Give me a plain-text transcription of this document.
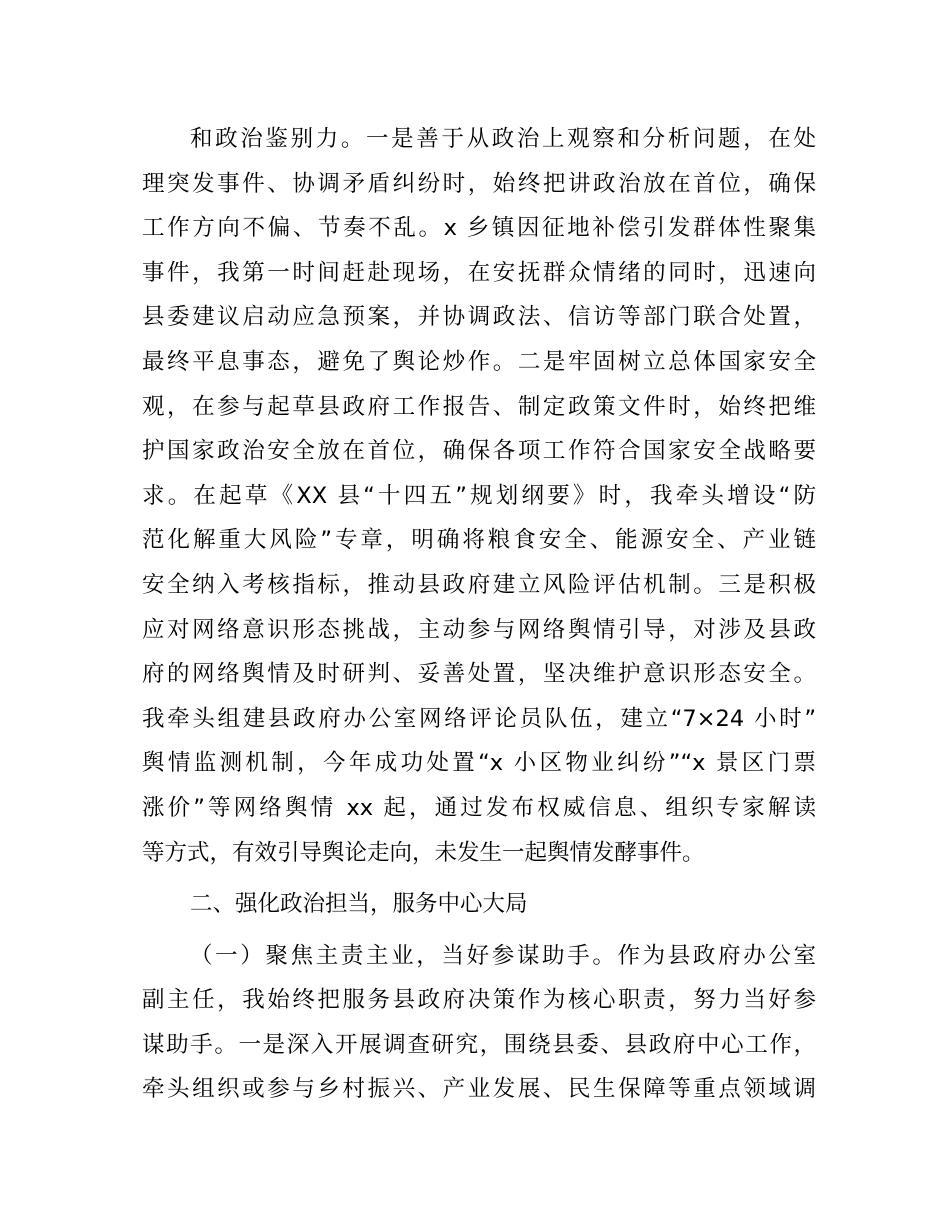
和政治鉴别力。一是善于从政治上观察和分析问题，在处
理突发事件、协调矛盾纠纷时，始终把讲政治放在首位，确保
工作方向不偏、节奏不乱。x 乡镇因征地补偿引发群体性聚集
事件，我第一时间赶赴现场，在安抚群众情绪的同时，迅速向
县委建议启动应急预案，并协调政法、信访等部门联合处置，
最终平息事态，避免了舆论炒作。二是牢固树立总体国家安全
观，在参与起草县政府工作报告、制定政策文件时，始终把维
护国家政治安全放在首位，确保各项工作符合国家安全战略要
求。在起草《XX 县“十四五”规划纲要》时，我牵头增设“防
范化解重大风险”专章，明确将粮食安全、能源安全、产业链
安全纳入考核指标，推动县政府建立风险评估机制。三是积极
应对网络意识形态挑战，主动参与网络舆情引导，对涉及县政
府的网络舆情及时研判、妥善处置，坚决维护意识形态安全。
我牵头组建县政府办公室网络评论员队伍，建立“7×24 小时”
舆情监测机制，今年成功处置“x 小区物业纠纷”“x 景区门票
涨价”等网络舆情 xx 起，通过发布权威信息、组织专家解读
等方式，有效引导舆论走向，未发生一起舆情发酵事件。
二、强化政治担当，服务中心大局
（一）聚焦主责主业，当好参谋助手。作为县政府办公室
副主任，我始终把服务县政府决策作为核心职责，努力当好参
谋助手。一是深入开展调查研究，围绕县委、县政府中心工作，
牵头组织或参与乡村振兴、产业发展、民生保障等重点领域调
